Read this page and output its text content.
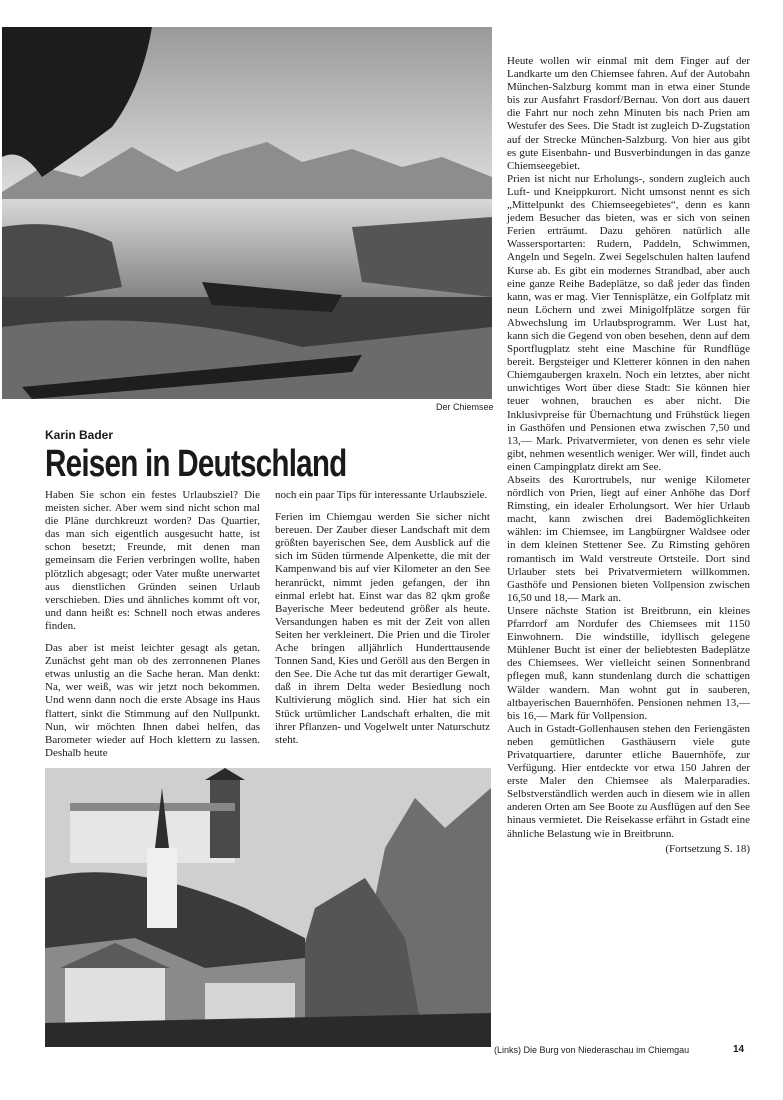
Der Chiemsee
Karin Bader
Reisen in Deutschland

Haben Sie schon ein festes Urlaubsziel? Die meisten sicher. Aber wem sind nicht schon mal die Pläne durchkreuzt worden? Das Quartier, das man sich eigentlich ausgesucht hatte, ist schon besetzt; Freunde, mit denen man gemeinsam die Ferien verbringen wollte, haben plötzlich abgesagt; oder Vater mußte unerwartet aus dienstlichen Gründen seinen Urlaub verschieben. Dies und ähnliches kommt oft vor, und dann heißt es: Schnell noch etwas anderes finden.

Das aber ist meist leichter gesagt als getan. Zunächst geht man ob des zerronnenen Planes etwas unlustig an die Sache heran. Man denkt: Na, wer weiß, was wir jetzt noch bekommen. Und wenn dann noch die erste Absage ins Haus flattert, sinkt die Stimmung auf den Nullpunkt. Nun, wir möchten Ihnen dabei helfen, das Barometer wieder auf Hoch klettern zu lassen. Deshalb heute

noch ein paar Tips für interessante Urlaubsziele.

Ferien im Chiemgau werden Sie sicher nicht bereuen. Der Zauber dieser Landschaft mit dem größten bayerischen See, dem Ausblick auf die sich im Süden türmende Alpenkette, die mit der Kampenwand bis auf vier Kilometer an den See heranrückt, nimmt jeden gefangen, der ihn einmal erlebt hat. Einst war das 82 qkm große Bayerische Meer bedeutend größer als heute. Versandungen haben es mit der Zeit von allen Seiten her verkleinert. Die Prien und die Tiroler Ache bringen alljährlich Hunderttausende Tonnen Sand, Kies und Geröll aus den Bergen in den See. Die Ache tut das mit derartiger Gewalt, daß in ihrem Delta weder Besiedlung noch Kultivierung möglich sind. Hier hat sich ein Stück urtümlicher Landschaft erhalten, die mit ihrer Pflanzen- und Vogelwelt unter Naturschutz steht.

Heute wollen wir einmal mit dem Finger auf der Landkarte um den Chiemsee fahren. Auf der Autobahn München-Salzburg kommt man in etwa einer Stunde bis zur Ausfahrt Frasdorf/Bernau. Von dort aus dauert die Fahrt nur noch zehn Minuten bis nach Prien am Westufer des Sees. Die Stadt ist zugleich D-Zugstation auf der Strecke München-Salzburg. Von hier aus gibt es gute Eisenbahn- und Busverbindungen in das ganze Chiemseegebiet.

Prien ist nicht nur Erholungs-, sondern zugleich auch Luft- und Kneippkurort. Nicht umsonst nennt es sich „Mittelpunkt des Chiemseegebietes“, denn es kann jedem Besucher das bieten, was er sich von seinen Ferien erträumt. Dazu gehören natürlich alle Wassersportarten: Rudern, Paddeln, Schwimmen, Angeln und Segeln. Zwei Segelschulen halten laufend Kurse ab. Es gibt ein modernes Strandbad, aber auch eine ganze Reihe Badeplätze, so daß jeder das finden kann, was er mag. Vier Tennisplätze, ein Golfplatz mit neun Löchern und zwei Minigolfplätze sorgen für Abwechslung im Urlaubsprogramm. Wer Lust hat, kann sich die Gegend von oben besehen, denn auf dem Sportflugplatz steht eine Maschine für Rundflüge bereit. Bergsteiger und Kletterer können in den nahen Chiemgaubergen kraxeln. Noch ein letztes, aber nicht unwichtiges Wort über diese Stadt: Sie können hier teuer wohnen, brauchen es aber nicht. Die Inklusivpreise für Übernachtung und Frühstück liegen in Gasthöfen und Pensionen etwa zwischen 7,50 und 13,— Mark. Privatvermieter, von denen es sehr viele gibt, nehmen wesentlich weniger. Wer will, findet auch einen Campingplatz direkt am See.

Abseits des Kurortrubels, nur wenige Kilometer nördlich von Prien, liegt auf einer Anhöhe das Dorf Rimsting, ein idealer Erholungsort. Wer hier Urlaub macht, kann zwischen drei Bademöglichkeiten wählen: im Chiemsee, im Langbürgner Waldsee oder in dem kleinen Stettener See. Zu Rimsting gehören romantisch im Wald verstreute Ortsteile. Dort sind Urlauber stets bei Privatvermietern willkommen. Gasthöfe und Pensionen bieten Vollpension zwischen 16,50 und 18,— Mark an.

Unsere nächste Station ist Breitbrunn, ein kleines Pfarrdorf am Nordufer des Chiemsees mit 1150 Einwohnern. Die windstille, idyllisch gelegene Mühlener Bucht ist einer der beliebtesten Badeplätze des Chiemsees. Wer vielleicht seinen Sonnenbrand pflegen muß, kann stundenlang durch die schattigen Wälder wandern. Man wohnt gut in sauberen, altbayerischen Bauernhöfen. Pensionen nehmen 13,— bis 16,— Mark für Vollpension.

Auch in Gstadt-Gollenhausen stehen den Feriengästen neben gemütlichen Gasthäusern viele gute Privatquartiere, darunter etliche Bauernhöfe, zur Verfügung. Hier entdeckte vor etwa 150 Jahren der erste Maler den Chiemsee als Malerparadies. Selbstverständlich werden auch in diesem wie in allen anderen Orten am See Boote zu Ausflügen auf den See hinaus vermietet. Die Reisekasse erfährt in Gstadt eine ähnliche Belastung wie in Breitbrunn.

(Fortsetzung S. 18)
(Links) Die Burg von Niederaschau im Chiemgau	14
